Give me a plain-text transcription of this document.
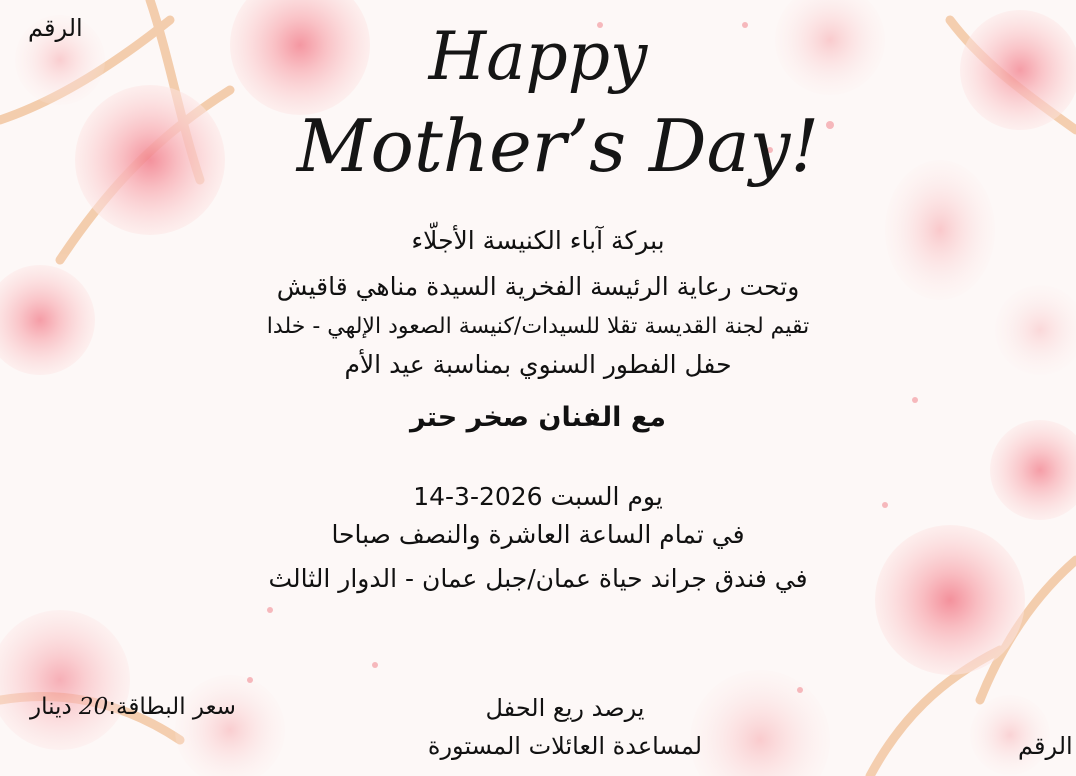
الرقم
الرقم
Happy
Mother’s Day!
ببركة آباء الكنيسة الأجلّاء
وتحت رعاية الرئيسة الفخرية السيدة مناهي قاقيش
تقيم لجنة القديسة تقلا للسيدات/كنيسة الصعود الإلهي - خلدا
حفل الفطور السنوي بمناسبة عيد الأم
مع الفنان صخر حتر
يوم السبت 2026-3-14
في تمام الساعة العاشرة والنصف صباحا
في فندق جراند حياة عمان/جبل عمان - الدوار الثالث
سعر البطاقة:20 دينار	يرصد ريع الحفل
لمساعدة العائلات المستورة
